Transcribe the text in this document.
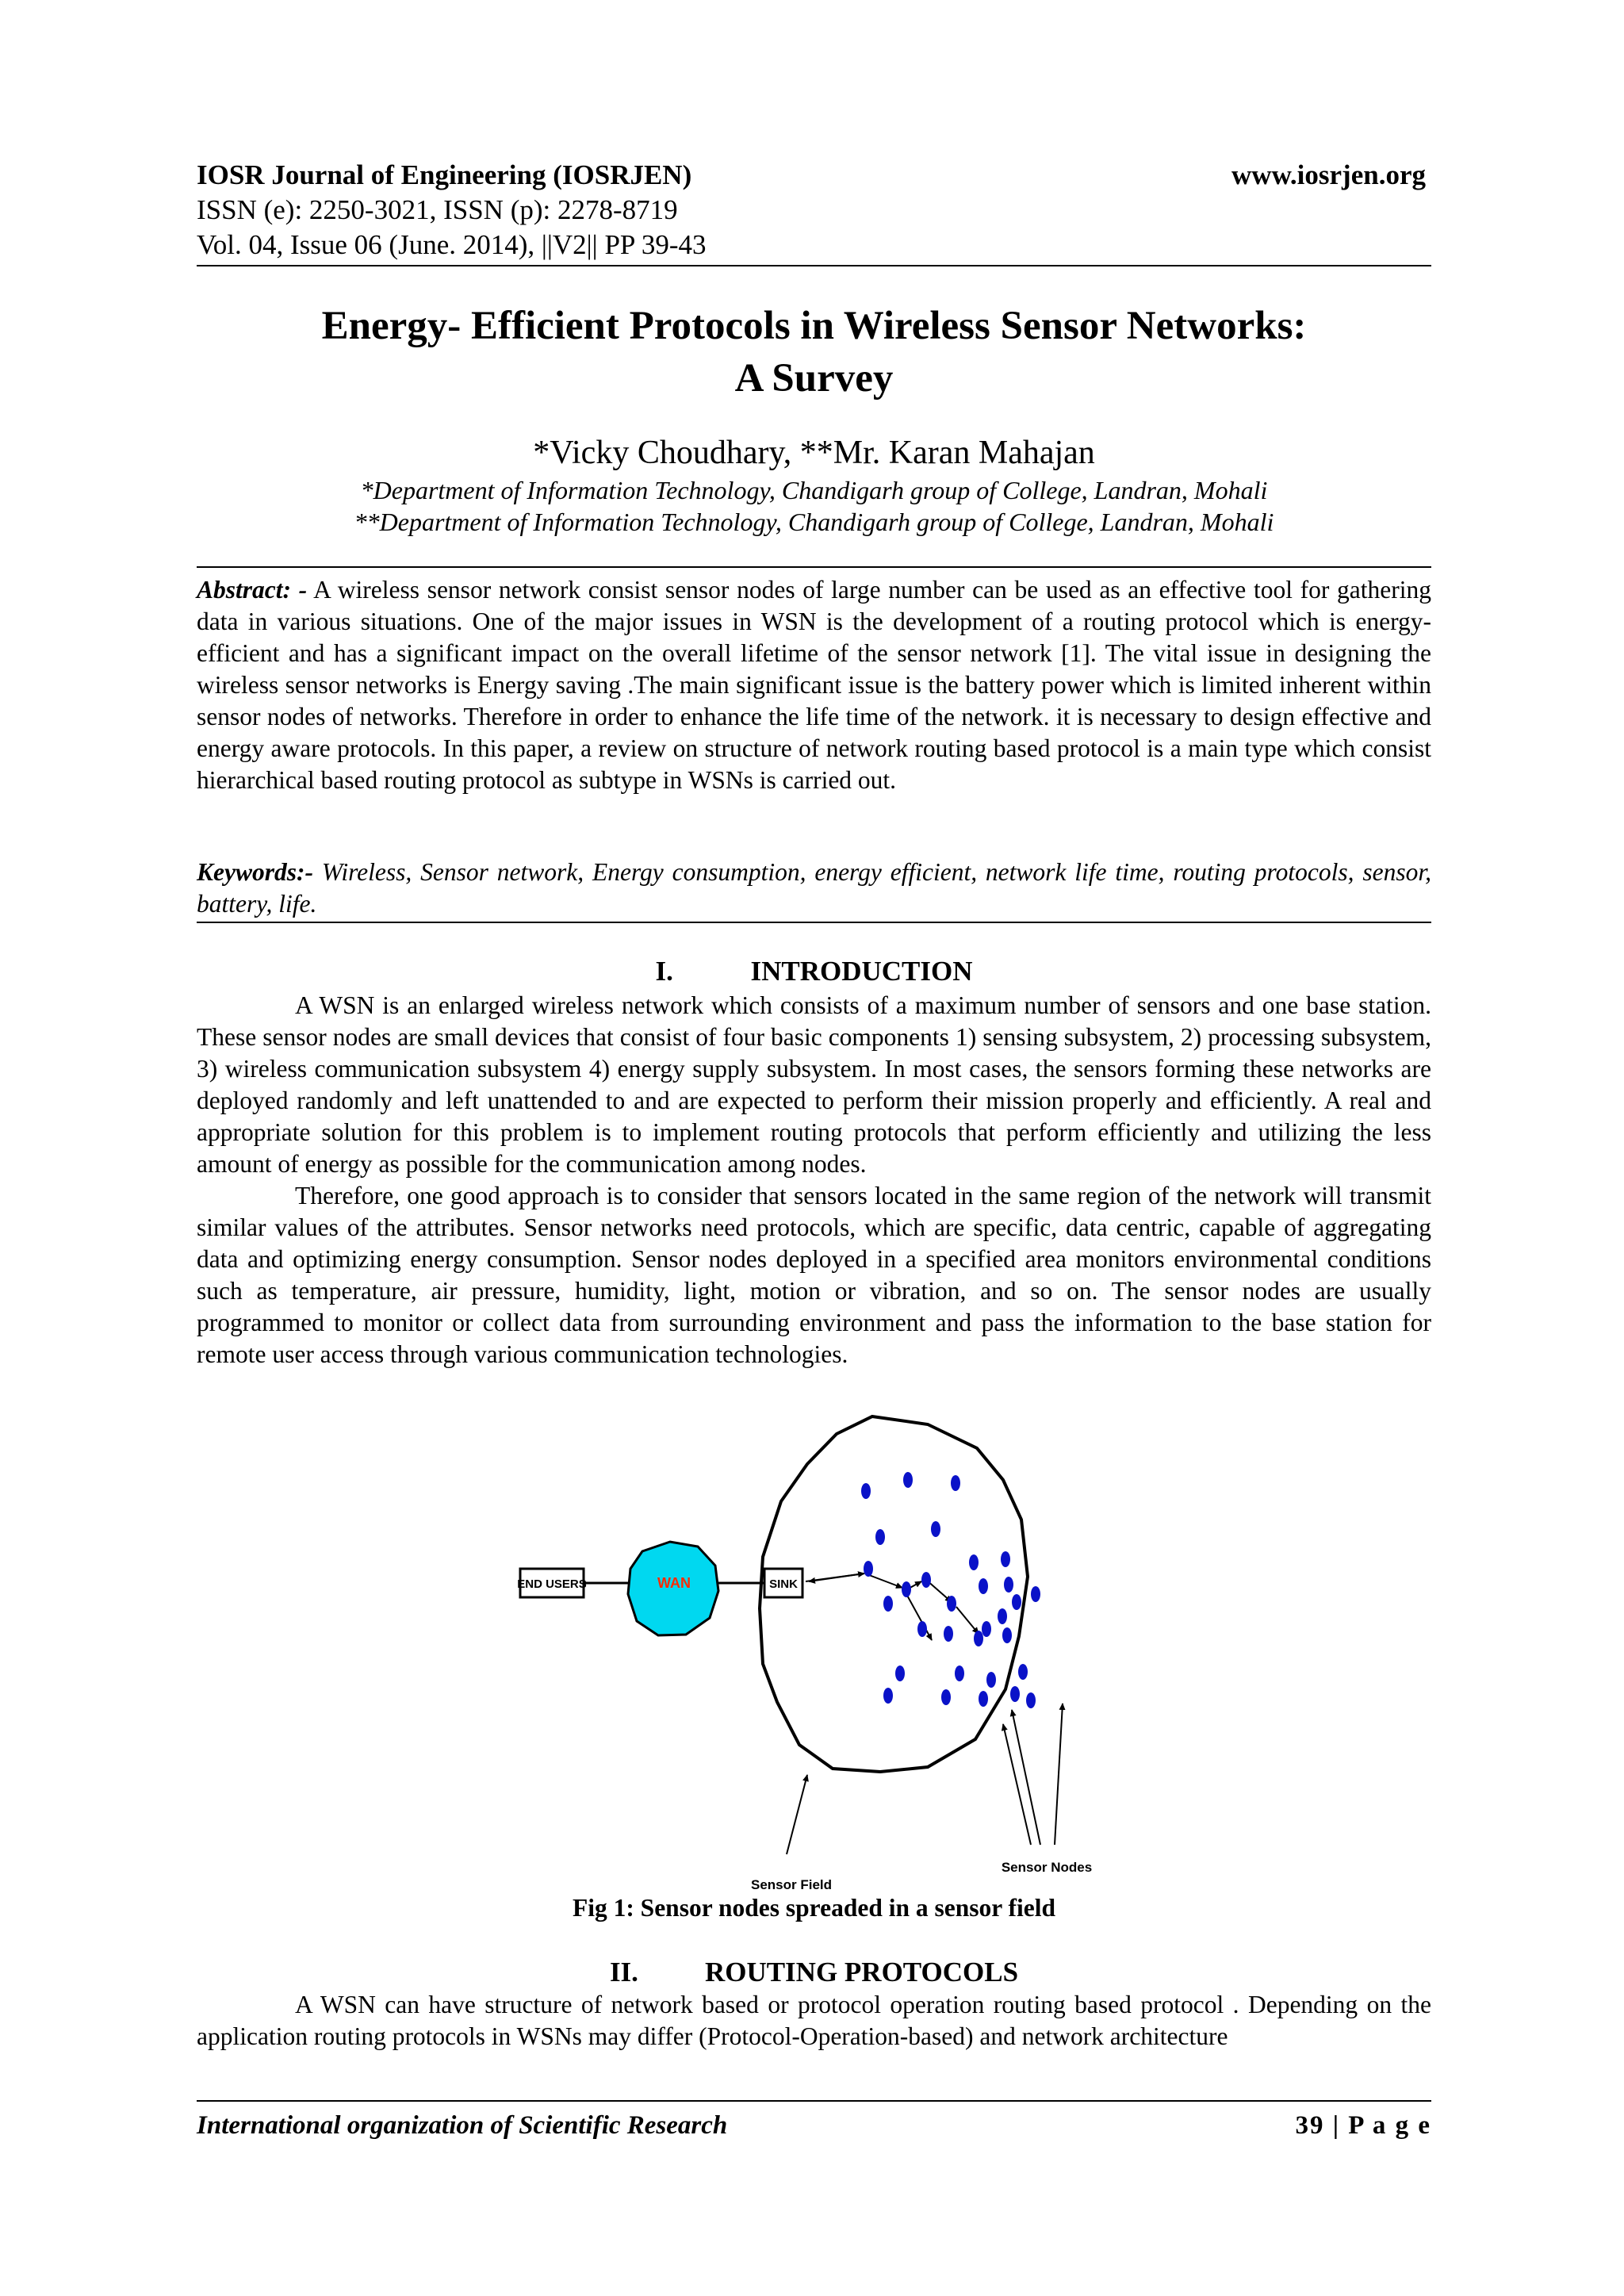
IOSR Journal of Engineering (IOSRJEN)	www.iosrjen.org
ISSN (e): 2250-3021, ISSN (p): 2278-8719
Vol. 04, Issue 06 (June. 2014), ||V2|| PP 39-43
Energy- Efficient Protocols in Wireless Sensor Networks:
A Survey
*Vicky Choudhary, **Mr. Karan Mahajan
*Department of Information Technology, Chandigarh group of College, Landran, Mohali
**Department of Information Technology, Chandigarh group of College, Landran, Mohali
Abstract: - A wireless sensor network consist sensor nodes of large number can be used as an effective tool for gathering data in various situations. One of the major issues in WSN is the development of a routing protocol which is energy-efficient and has a significant impact on the overall lifetime of the sensor network [1]. The vital issue in designing the wireless sensor networks is Energy saving .The main significant issue is the battery power which is limited inherent within sensor nodes of networks. Therefore in order to enhance the life time of the network. it is necessary to design effective and energy aware protocols. In this paper, a review on structure of network routing based protocol is a main type which consist hierarchical based routing protocol as subtype in WSNs is carried out.
Keywords:- Wireless, Sensor network, Energy consumption, energy efficient, network life time, routing protocols, sensor, battery, life.
I.	INTRODUCTION

A WSN is an enlarged wireless network which consists of a maximum number of sensors and one base station. These sensor nodes are small devices that consist of four basic components 1) sensing subsystem, 2) processing subsystem, 3) wireless communication subsystem 4) energy supply subsystem. In most cases, the sensors forming these networks are deployed randomly and left unattended to and are expected to perform their mission properly and efficiently. A real and appropriate solution for this problem is to implement routing protocols that perform efficiently and utilizing the less amount of energy as possible for the communication among nodes.

Therefore, one good approach is to consider that sensors located in the same region of the network will transmit similar values of the attributes. Sensor networks need protocols, which are specific, data centric, capable of aggregating data and optimizing energy consumption. Sensor nodes deployed in a specified area monitors environmental conditions such as temperature, air pressure, humidity, light, motion or vibration, and so on. The sensor nodes are usually programmed to monitor or collect data from surrounding environment and pass the information to the base station for remote user access through various communication technologies.

END USERS	WAN	SINK
Sensor Field
Sensor Nodes
Fig 1: Sensor nodes spreaded in a sensor field
II. ROUTING PROTOCOLS

A WSN can have structure of network based or protocol operation routing based protocol . Depending on the application routing protocols in WSNs may differ (Protocol-Operation-based) and network architecture

International organization of Scientific Research	39 | P a g e
